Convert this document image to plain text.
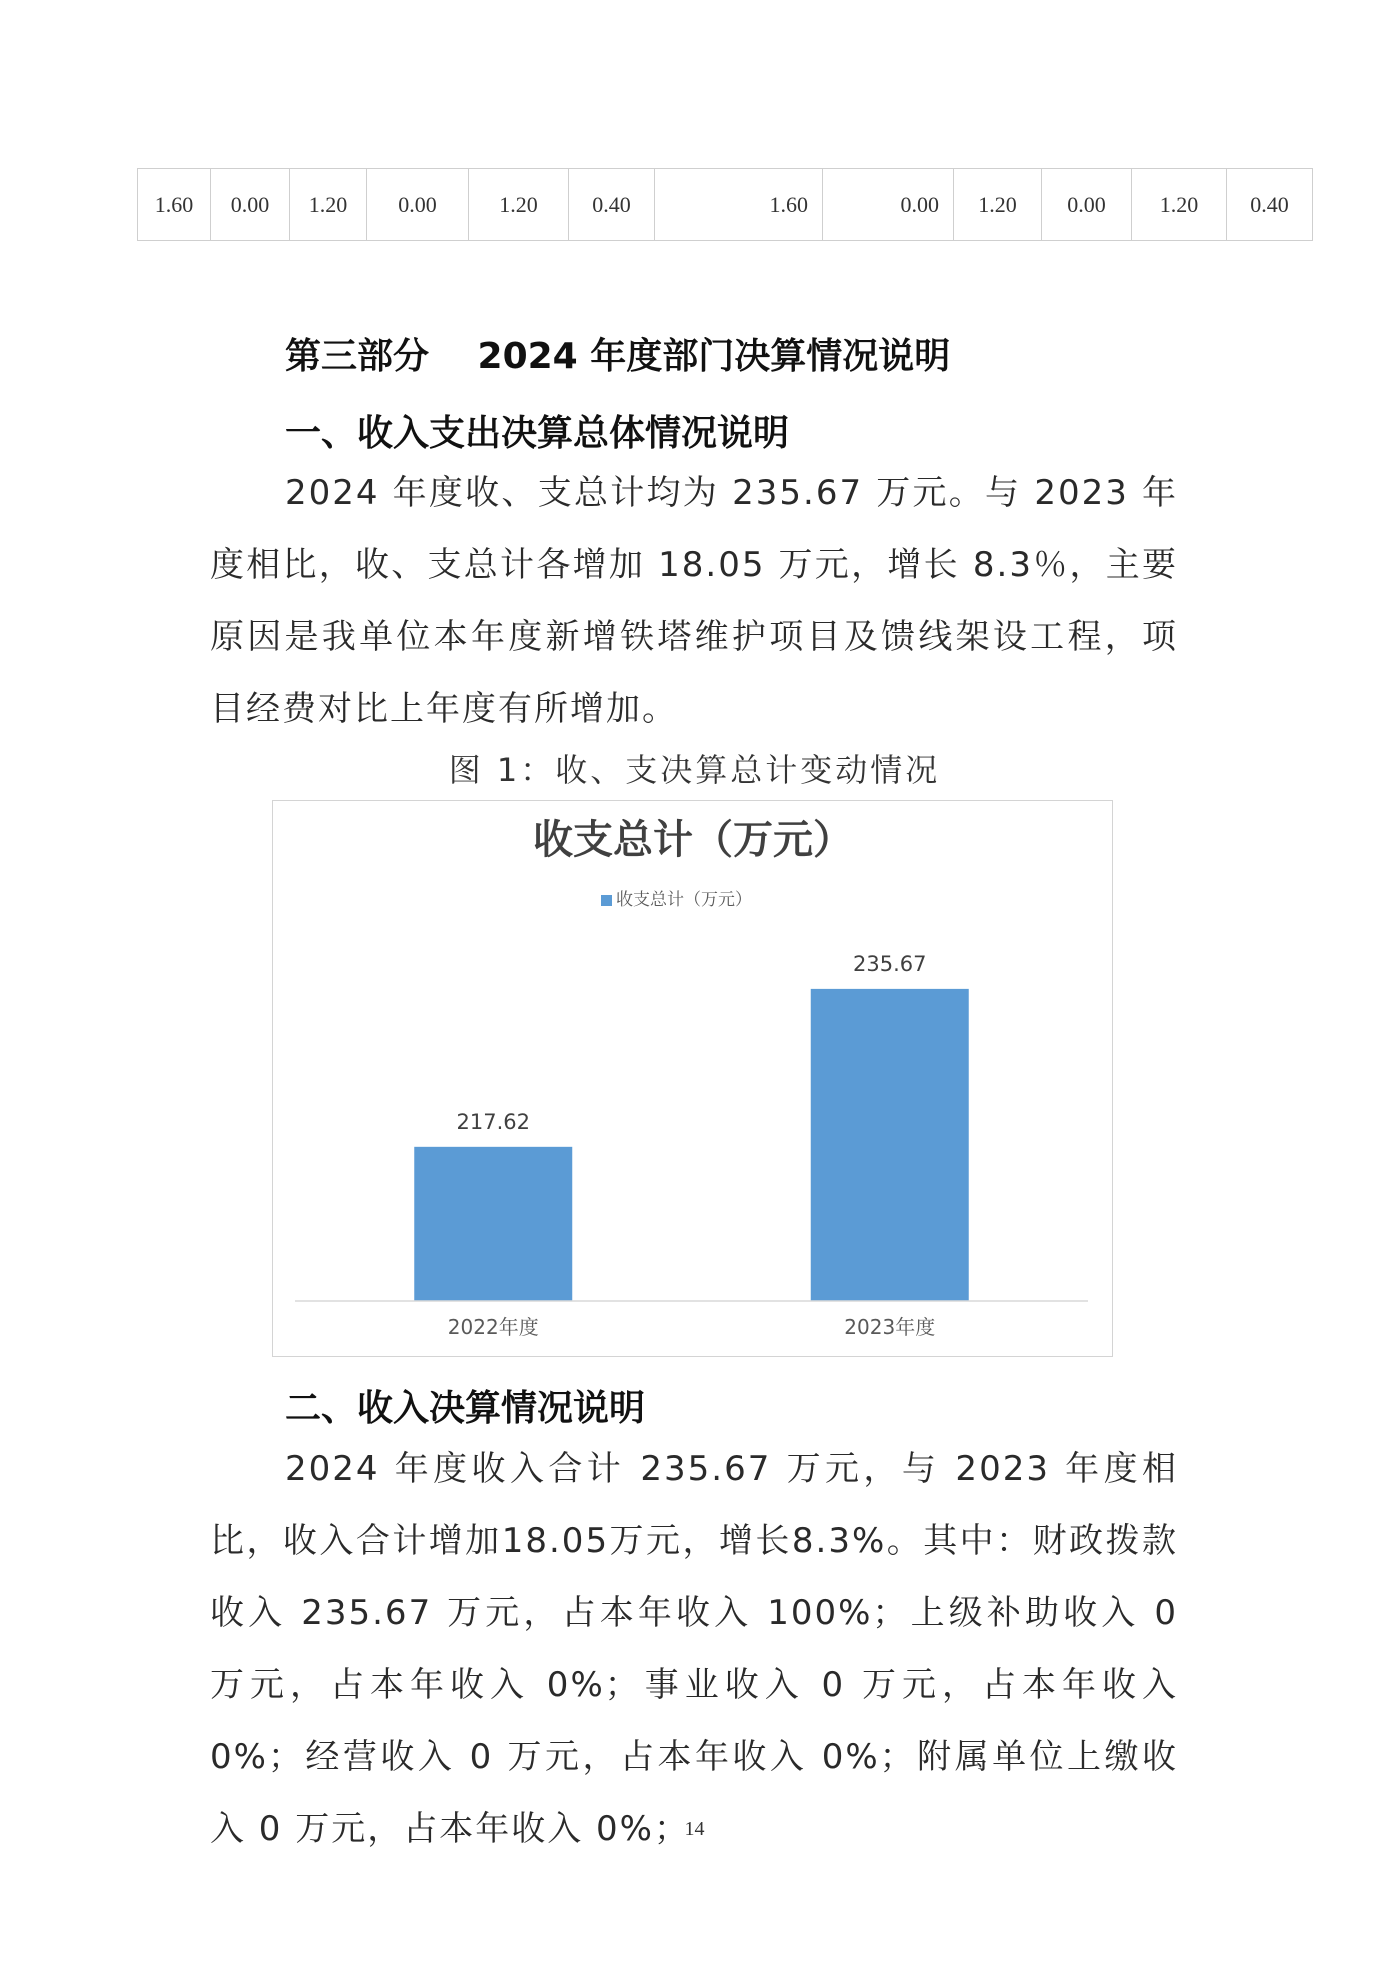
1.60	0.00	1.20	0.00	1.20	0.40	1.60	0.00	1.20	0.00	1.20	0.40
第三部分　 2024 年度部门决算情况说明
一、收入支出决算总体情况说明
2024 年度收、支总计均为 235.67 万元。与 2023 年度相比，收、支总计各增加 18.05 万元，增长 8.3％，主要原因是我单位本年度新增铁塔维护项目及馈线架设工程，项目经费对比上年度有所增加。
图 1：收、支决算总计变动情况
收支总计（万元）
收支总计（万元）
217.62
2022年度
235.67
2023年度
二、收入决算情况说明
2024 年度收入合计 235.67 万元，与 2023 年度相比，收入合计增加18.05万元，增长8.3%。其中：财政拨款收入 235.67 万元，占本年收入 100%；上级补助收入 0 万元，占本年收入 0%；事业收入 0 万元，占本年收入 0%；经营收入 0 万元，占本年收入 0%；附属单位上缴收入 0 万元，占本年收入 0%；
14
